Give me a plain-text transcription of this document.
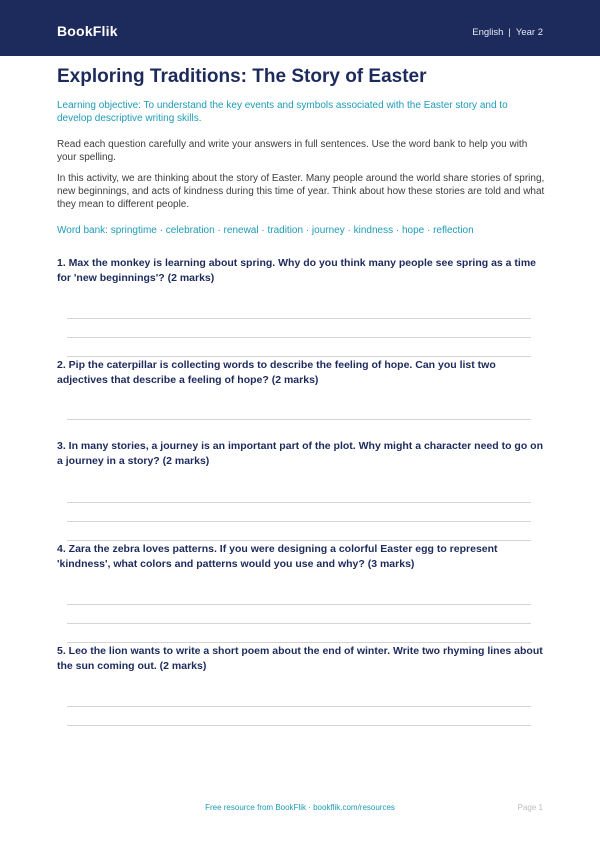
BookFlik	English | Year 2
Exploring Traditions: The Story of Easter

Learning objective: To understand the key events and symbols associated with the Easter story and to develop descriptive writing skills.

Read each question carefully and write your answers in full sentences. Use the word bank to help you with your spelling.

In this activity, we are thinking about the story of Easter. Many people around the world share stories of spring, new beginnings, and acts of kindness during this time of year. Think about how these stories are told and what they mean to different people.

Word bank: springtime · celebration · renewal · tradition · journey · kindness · hope · reflection

1. Max the monkey is learning about spring. Why do you think many people see spring as a time for 'new beginnings'? (2 marks)

2. Pip the caterpillar is collecting words to describe the feeling of hope. Can you list two adjectives that describe a feeling of hope? (2 marks)

3. In many stories, a journey is an important part of the plot. Why might a character need to go on a journey in a story? (2 marks)

4. Zara the zebra loves patterns. If you were designing a colorful Easter egg to represent 'kindness', what colors and patterns would you use and why? (3 marks)

5. Leo the lion wants to write a short poem about the end of winter. Write two rhyming lines about the sun coming out. (2 marks)

Free resource from BookFlik · bookflik.com/resources	Page 1
